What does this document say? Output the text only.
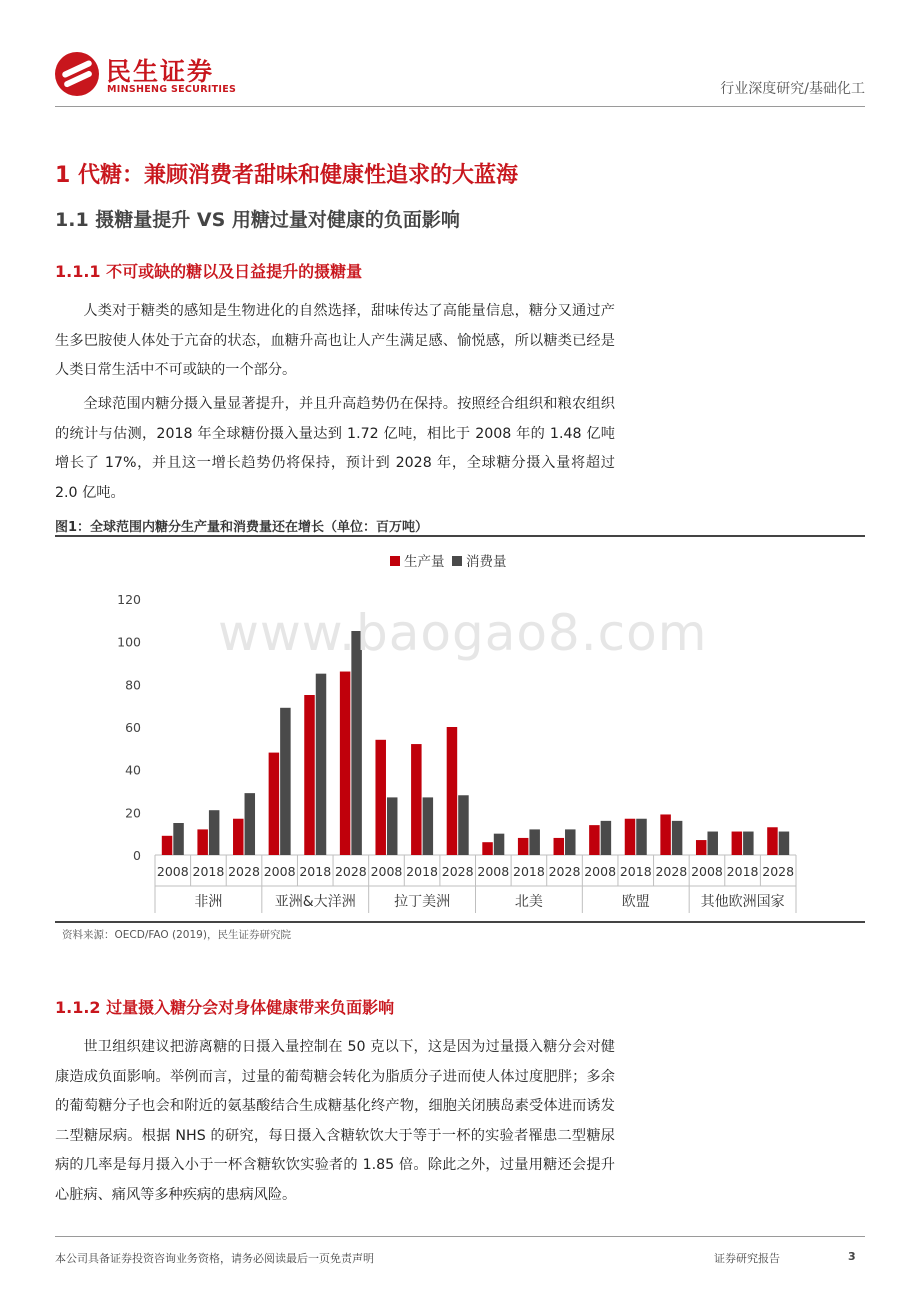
民生证券
MINSHENG SECURITIES	行业深度研究/基础化工
1 代糖：兼顾消费者甜味和健康性追求的大蓝海
1.1 摄糖量提升 VS 用糖过量对健康的负面影响
1.1.1 不可或缺的糖以及日益提升的摄糖量
人类对于糖类的感知是生物进化的自然选择，甜味传达了高能量信息，糖分又通过产生多巴胺使人体处于亢奋的状态，血糖升高也让人产生满足感、愉悦感，所以糖类已经是人类日常生活中不可或缺的一个部分。
全球范围内糖分摄入量显著提升，并且升高趋势仍在保持。按照经合组织和粮农组织的统计与估测，2018 年全球糖份摄入量达到 1.72 亿吨，相比于 2008 年的 1.48 亿吨增长了 17%，并且这一增长趋势仍将保持，预计到 2028 年，全球糖分摄入量将超过 2.0 亿吨。
图1：全球范围内糖分生产量和消费量还在增长（单位：百万吨）
生产量 消费量
0
20
40
60
80
100
120
2008 2018 2028 2008 2018 2028 2008 2018 2028 2008 2018 2028 2008 2018 2028 2008 2018 2028
非洲	亚洲&大洋洲	拉丁美洲	北美	欧盟	其他欧洲国家
www.baogao8.com
资料来源：OECD/FAO (2019)，民生证券研究院
1.1.2 过量摄入糖分会对身体健康带来负面影响
世卫组织建议把游离糖的日摄入量控制在 50 克以下，这是因为过量摄入糖分会对健康造成负面影响。举例而言，过量的葡萄糖会转化为脂质分子进而使人体过度肥胖；多余的葡萄糖分子也会和附近的氨基酸结合生成糖基化终产物，细胞关闭胰岛素受体进而诱发二型糖尿病。根据 NHS 的研究，每日摄入含糖软饮大于等于一杯的实验者罹患二型糖尿病的几率是每月摄入小于一杯含糖软饮实验者的 1.85 倍。除此之外，过量用糖还会提升心脏病、痛风等多种疾病的患病风险。
本公司具备证券投资咨询业务资格，请务必阅读最后一页免责声明	证券研究报告	3
